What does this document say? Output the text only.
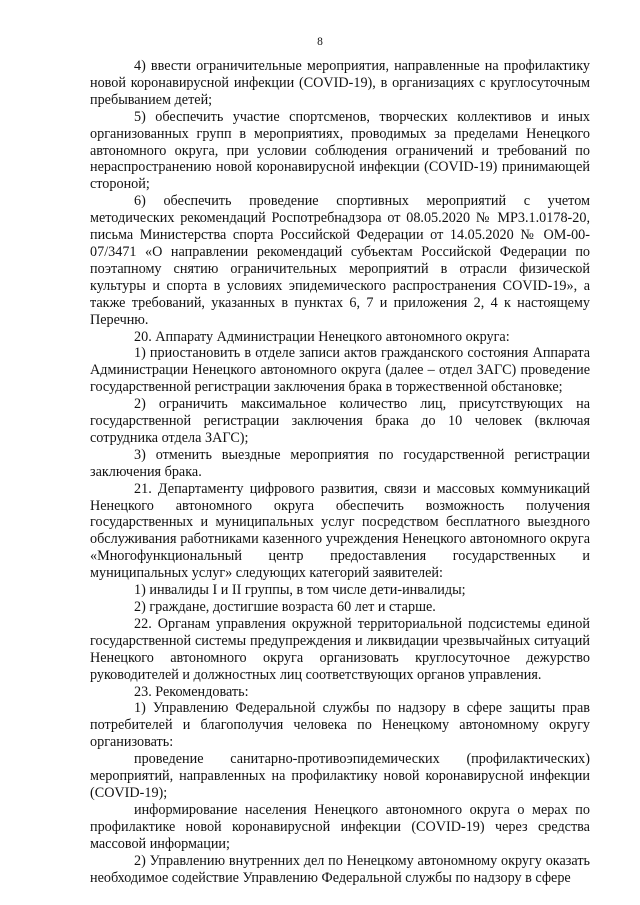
8

4) ввести ограничительные мероприятия, направленные на профилактику новой коронавирусной инфекции (COVID-19), в организациях с круглосуточным пребыванием детей;

5) обеспечить участие спортсменов, творческих коллективов и иных организованных групп в мероприятиях, проводимых за пределами Ненецкого автономного округа, при условии соблюдения ограничений и требований по нераспространению новой коронавирусной инфекции (COVID-19) принимающей стороной;

6) обеспечить проведение спортивных мероприятий с учетом методических рекомендаций Роспотребнадзора от 08.05.2020 № МР3.1.0178-20, письма Министерства спорта Российской Федерации от 14.05.2020 № ОМ-00-07/3471 «О направлении рекомендаций субъектам Российской Федерации по поэтапному снятию ограничительных мероприятий в отрасли физической культуры и спорта в условиях эпидемического распространения COVID-19», а также требований, указанных в пунктах 6, 7 и приложения 2, 4 к настоящему Перечню.

20. Аппарату Администрации Ненецкого автономного округа:

1) приостановить в отделе записи актов гражданского состояния Аппарата Администрации Ненецкого автономного округа (далее – отдел ЗАГС) проведение государственной регистрации заключения брака в торжественной обстановке;

2) ограничить максимальное количество лиц, присутствующих на государственной регистрации заключения брака до 10 человек (включая сотрудника отдела ЗАГС);

3) отменить выездные мероприятия по государственной регистрации заключения брака.

21. Департаменту цифрового развития, связи и массовых коммуникаций Ненецкого автономного округа обеспечить возможность получения государственных и муниципальных услуг посредством бесплатного выездного обслуживания работниками казенного учреждения Ненецкого автономного округа «Многофункциональный центр предоставления государственных и муниципальных услуг» следующих категорий заявителей:

1) инвалиды I и II группы, в том числе дети-инвалиды;

2) граждане, достигшие возраста 60 лет и старше.

22. Органам управления окружной территориальной подсистемы единой государственной системы предупреждения и ликвидации чрезвычайных ситуаций Ненецкого автономного округа организовать круглосуточное дежурство руководителей и должностных лиц соответствующих органов управления.

23. Рекомендовать:

1) Управлению Федеральной службы по надзору в сфере защиты прав потребителей и благополучия человека по Ненецкому автономному округу организовать:

проведение санитарно-противоэпидемических (профилактических) мероприятий, направленных на профилактику новой коронавирусной инфекции (COVID-19);

информирование населения Ненецкого автономного округа о мерах по профилактике новой коронавирусной инфекции (COVID-19) через средства массовой информации;

2) Управлению внутренних дел по Ненецкому автономному округу оказать необходимое содействие Управлению Федеральной службы по надзору в сфере
